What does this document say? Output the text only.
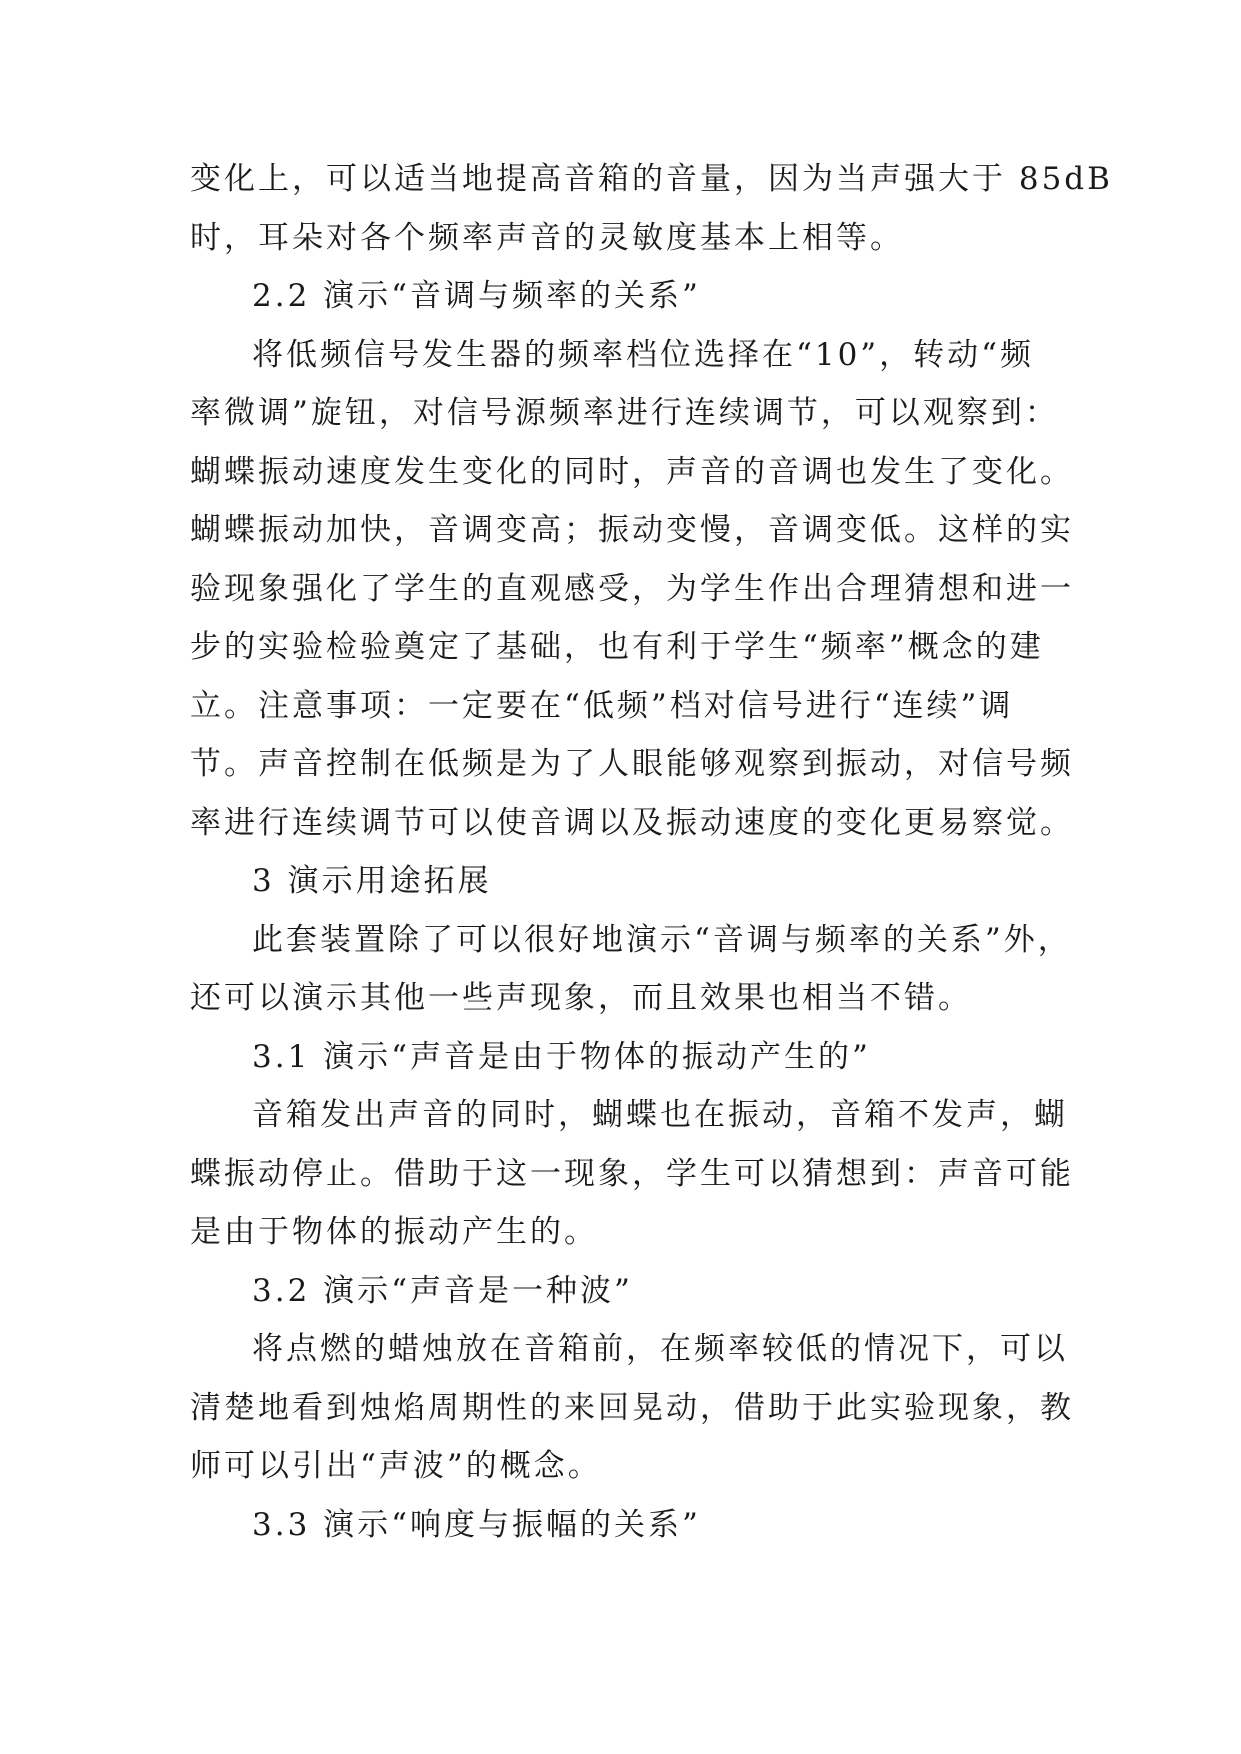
变化上，可以适当地提高音箱的音量，因为当声强大于 85dB
时，耳朵对各个频率声音的灵敏度基本上相等。
2.2 演示“音调与频率的关系”
将低频信号发生器的频率档位选择在“10”，转动“频
率微调”旋钮，对信号源频率进行连续调节，可以观察到：
蝴蝶振动速度发生变化的同时，声音的音调也发生了变化。
蝴蝶振动加快，音调变高；振动变慢，音调变低。这样的实
验现象强化了学生的直观感受，为学生作出合理猜想和进一
步的实验检验奠定了基础，也有利于学生“频率”概念的建
立。注意事项：一定要在“低频”档对信号进行“连续”调
节。声音控制在低频是为了人眼能够观察到振动，对信号频
率进行连续调节可以使音调以及振动速度的变化更易察觉。
3 演示用途拓展
此套装置除了可以很好地演示“音调与频率的关系”外，
还可以演示其他一些声现象，而且效果也相当不错。
3.1 演示“声音是由于物体的振动产生的”
音箱发出声音的同时，蝴蝶也在振动，音箱不发声，蝴
蝶振动停止。借助于这一现象，学生可以猜想到：声音可能
是由于物体的振动产生的。
3.2 演示“声音是一种波”
将点燃的蜡烛放在音箱前，在频率较低的情况下，可以
清楚地看到烛焰周期性的来回晃动，借助于此实验现象，教
师可以引出“声波”的概念。
3.3 演示“响度与振幅的关系”
